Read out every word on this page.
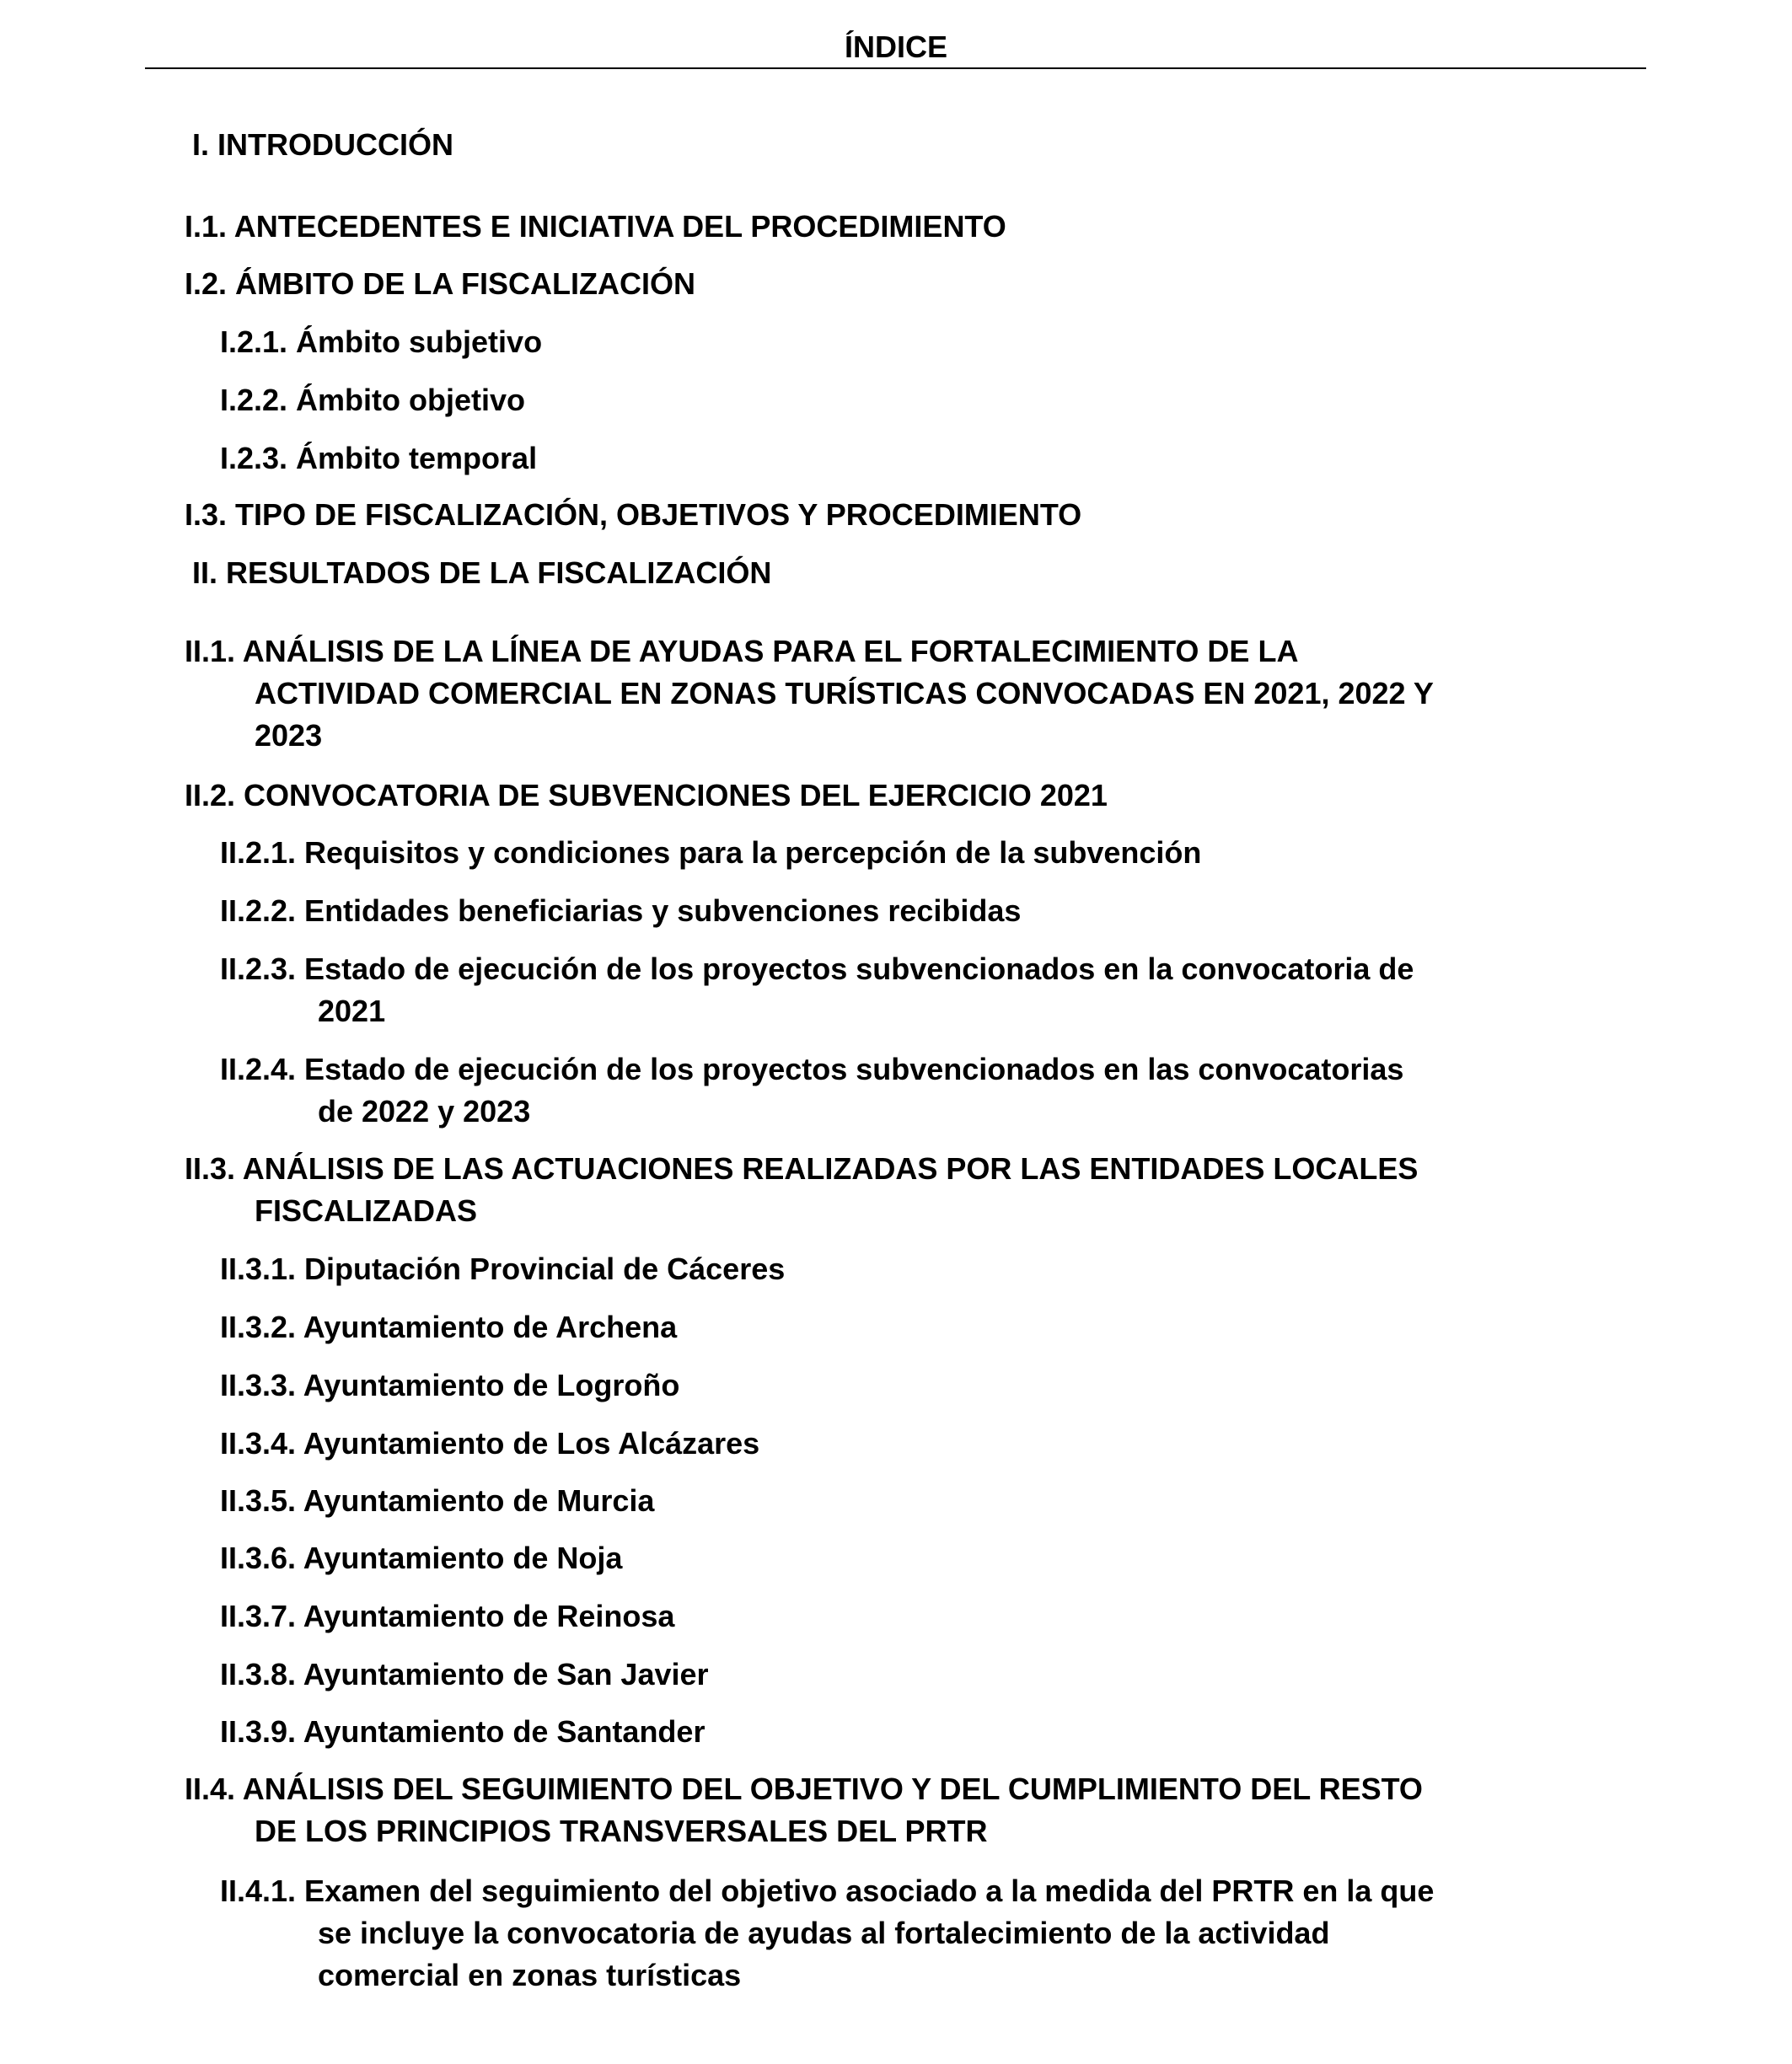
ÍNDICE
I. INTRODUCCIÓN
I.1. ANTECEDENTES E INICIATIVA DEL PROCEDIMIENTO
I.2. ÁMBITO DE LA FISCALIZACIÓN
I.2.1. Ámbito subjetivo
I.2.2. Ámbito objetivo
I.2.3. Ámbito temporal
I.3. TIPO DE FISCALIZACIÓN, OBJETIVOS Y PROCEDIMIENTO
II. RESULTADOS DE LA FISCALIZACIÓN
II.1. ANÁLISIS DE LA LÍNEA DE AYUDAS PARA EL FORTALECIMIENTO DE LA
ACTIVIDAD COMERCIAL EN ZONAS TURÍSTICAS CONVOCADAS EN 2021, 2022 Y
2023
II.2. CONVOCATORIA DE SUBVENCIONES DEL EJERCICIO 2021
II.2.1. Requisitos y condiciones para la percepción de la subvención
II.2.2. Entidades beneficiarias y subvenciones recibidas
II.2.3. Estado de ejecución de los proyectos subvencionados en la convocatoria de
2021
II.2.4. Estado de ejecución de los proyectos subvencionados en las convocatorias
de 2022 y 2023
II.3. ANÁLISIS DE LAS ACTUACIONES REALIZADAS POR LAS ENTIDADES LOCALES
FISCALIZADAS
II.3.1. Diputación Provincial de Cáceres
II.3.2. Ayuntamiento de Archena
II.3.3. Ayuntamiento de Logroño
II.3.4. Ayuntamiento de Los Alcázares
II.3.5. Ayuntamiento de Murcia
II.3.6. Ayuntamiento de Noja
II.3.7. Ayuntamiento de Reinosa
II.3.8. Ayuntamiento de San Javier
II.3.9. Ayuntamiento de Santander
II.4. ANÁLISIS DEL SEGUIMIENTO DEL OBJETIVO Y DEL CUMPLIMIENTO DEL RESTO
DE LOS PRINCIPIOS TRANSVERSALES DEL PRTR
II.4.1. Examen del seguimiento del objetivo asociado a la medida del PRTR en la que
se incluye la convocatoria de ayudas al fortalecimiento de la actividad
comercial en zonas turísticas
